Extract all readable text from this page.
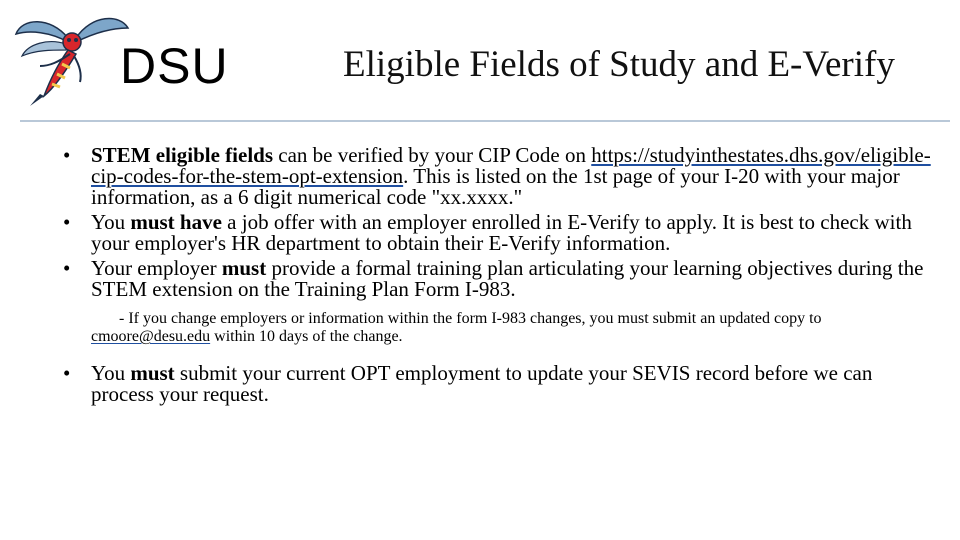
DSU	Eligible Fields of Study and E-Verify
• STEM eligible fields can be verified by your CIP Code on https://studyinthestates.dhs.gov/eligible-cip-codes-for-the-stem-opt-extension. This is listed on the 1st page of your I-20 with your major information, as a 6 digit numerical code "xx.xxxx."
• You must have a job offer with an employer enrolled in E-Verify to apply. It is best to check with your employer's HR department to obtain their E-Verify information.
• Your employer must provide a formal training plan articulating your learning objectives during the STEM extension on the Training Plan Form I-983.
- If you change employers or information within the form I-983 changes, you must submit an updated copy to cmoore@desu.edu within 10 days of the change.
• You must submit your current OPT employment to update your SEVIS record before we can process your request.
